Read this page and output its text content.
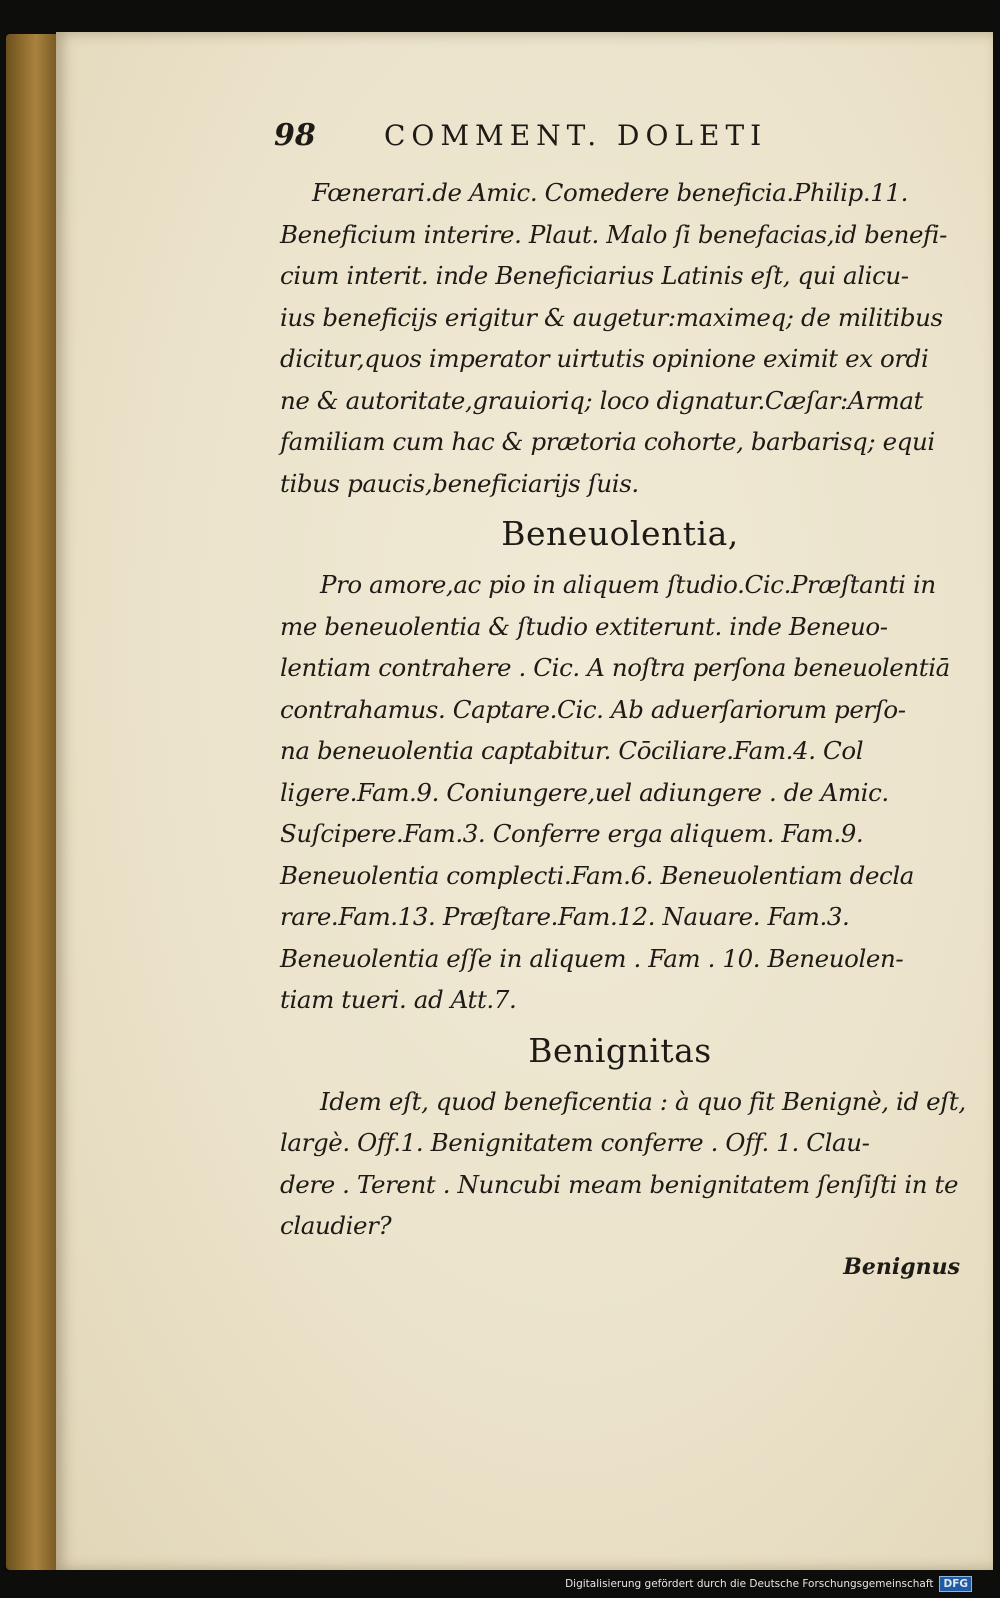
98	COMMENT. DOLETI
Fœnerari.de Amic. Comedere beneficia.Philip.11.
Beneficium interire. Plaut. Malo ſi benefacias,id benefi-
cium interit. inde Beneficiarius Latinis eſt, qui alicu-
ius beneficijs erigitur & augetur:maximeq; de militibus
dicitur,quos imperator uirtutis opinione eximit ex ordi
ne & autoritate,grauioriq; loco dignatur.Cæſar:Armat
familiam cum hac & prætoria cohorte, barbarisq; equi
tibus paucis,beneficiarijs ſuis.
Beneuolentia,
Pro amore,ac pio in aliquem ſtudio.Cic.Præſtanti in
me beneuolentia & ſtudio extiterunt. inde Beneuo-
lentiam contrahere . Cic. A noſtra perſona beneuolentiā
contrahamus. Captare.Cic. Ab aduerſariorum perſo-
na beneuolentia captabitur. Cōciliare.Fam.4. Col
ligere.Fam.9. Coniungere,uel adiungere . de Amic.
Suſcipere.Fam.3. Conferre erga aliquem. Fam.9.
Beneuolentia complecti.Fam.6. Beneuolentiam decla
rare.Fam.13. Præſtare.Fam.12. Nauare. Fam.3.
Beneuolentia eſſe in aliquem . Fam . 10. Beneuolen-
tiam tueri. ad Att.7.
Benignitas
Idem eſt, quod beneficentia : à quo fit Benignè, id eſt,
largè. Off.1. Benignitatem conferre . Off. 1. Clau-
dere . Terent . Nuncubi meam benignitatem ſenſiſti in te
claudier?
Benignus
Digitalisierung gefördert durch die Deutsche Forschungsgemeinschaft DFG
